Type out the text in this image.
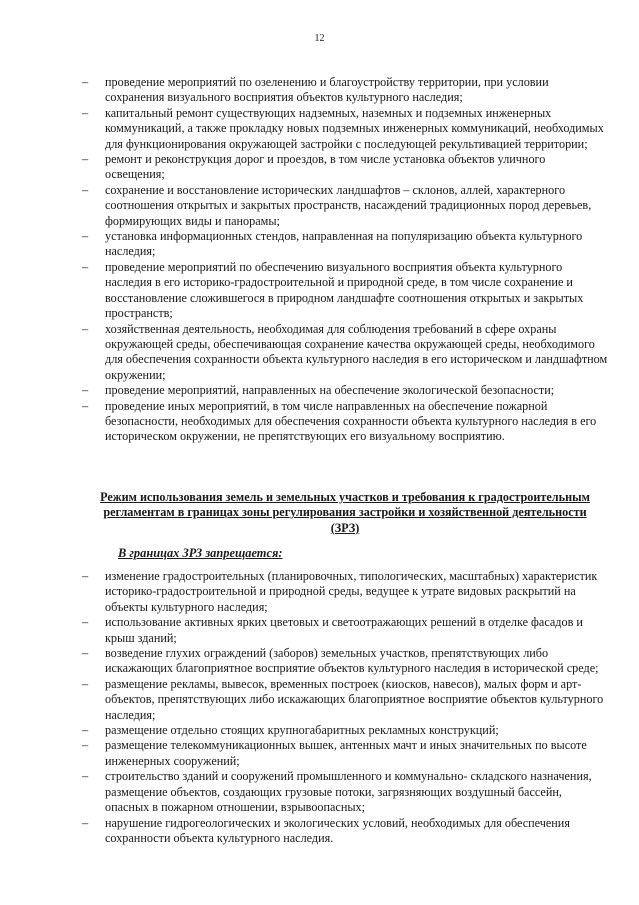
12
– проведение мероприятий по озеленению и благоустройству территории, при условии сохранения визуального восприятия объектов культурного наследия;
– капитальный ремонт существующих надземных, наземных и подземных инженерных коммуникаций, а также прокладку новых подземных инженерных коммуникаций, необходимых для функционирования окружающей застройки с последующей рекультивацией территории;
– ремонт и реконструкция дорог и проездов, в том числе установка объектов уличного освещения;
– сохранение и восстановление исторических ландшафтов – склонов, аллей, характерного соотношения открытых и закрытых пространств, насаждений традиционных пород деревьев, формирующих виды и панорамы;
– установка информационных стендов, направленная на популяризацию объекта культурного наследия;
– проведение мероприятий по обеспечению визуального восприятия объекта культурного наследия в его историко-градостроительной и природной среде, в том числе сохранение и восстановление сложившегося в природном ландшафте соотношения открытых и закрытых пространств;
– хозяйственная деятельность, необходимая для соблюдения требований в сфере охраны окружающей среды, обеспечивающая сохранение качества окружающей среды, необходимого для обеспечения сохранности объекта культурного наследия в его историческом и ландшафтном окружении;
– проведение мероприятий, направленных на обеспечение экологической безопасности;
– проведение иных мероприятий, в том числе направленных на обеспечение пожарной безопасности, необходимых для обеспечения сохранности объекта культурного наследия в его историческом окружении, не препятствующих его визуальному восприятию.
Режим использования земель и земельных участков и требования к градостроительным регламентам в границах зоны регулирования застройки и хозяйственной деятельности (ЗРЗ)
В границах ЗРЗ запрещается:
– изменение градостроительных (планировочных, типологических, масштабных) характеристик историко-градостроительной и природной среды, ведущее к утрате видовых раскрытий на объекты культурного наследия;
– использование активных ярких цветовых и светоотражающих решений в отделке фасадов и крыш зданий;
– возведение глухих ограждений (заборов) земельных участков, препятствующих либо искажающих благоприятное восприятие объектов культурного наследия в исторической среде;
– размещение рекламы, вывесок, временных построек (киосков, навесов), малых форм и арт-объектов, препятствующих либо искажающих благоприятное восприятие объектов культурного наследия;
– размещение отдельно стоящих крупногабаритных рекламных конструкций;
– размещение телекоммуникационных вышек, антенных мачт и иных значительных по высоте инженерных сооружений;
– строительство зданий и сооружений промышленного и коммунально- складского назначения, размещение объектов, создающих грузовые потоки, загрязняющих воздушный бассейн, опасных в пожарном отношении, взрывоопасных;
– нарушение гидрогеологических и экологических условий, необходимых для обеспечения сохранности объекта культурного наследия.
